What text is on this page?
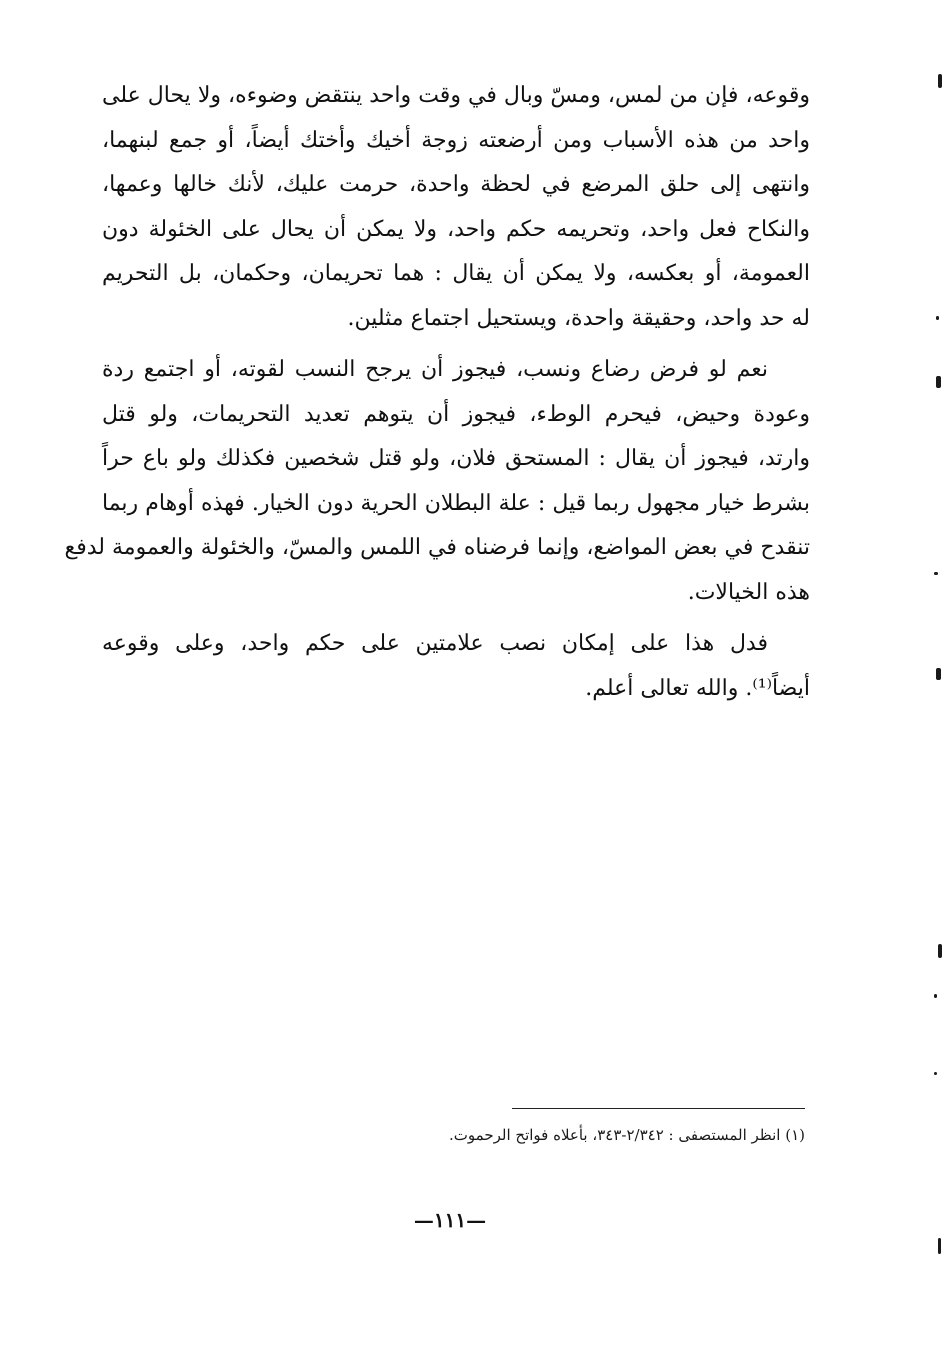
وقوعه، فإن من لمس، ومسّ وبال في وقت واحد ينتقض وضوءه، ولا يحال على
واحد من هذه الأسباب ومن أرضعته زوجة أخيك وأختك أيضاً، أو جمع لبنهما،
وانتهى إلى حلق المرضع في لحظة واحدة، حرمت عليك، لأنك خالها وعمها،
والنكاح فعل واحد، وتحريمه حكم واحد، ولا يمكن أن يحال على الخئولة دون
العمومة، أو بعكسه، ولا يمكن أن يقال : هما تحريمان، وحكمان، بل التحريم
له حد واحد، وحقيقة واحدة، ويستحيل اجتماع مثلين.

نعم لو فرض رضاع ونسب، فيجوز أن يرجح النسب لقوته، أو اجتمع ردة
وعودة وحيض، فيحرم الوطء، فيجوز أن يتوهم تعديد التحريمات، ولو قتل
وارتد، فيجوز أن يقال : المستحق فلان، ولو قتل شخصين فكذلك ولو باع حراً
بشرط خيار مجهول ربما قيل : علة البطلان الحرية دون الخيار. فهذه أوهام ربما
تنقدح في بعض المواضع، وإنما فرضناه في اللمس والمسّ، والخئولة والعمومة لدفع
هذه الخيالات.

فدل هذا على إمكان نصب علامتين على حكم واحد، وعلى وقوعه
أيضاً⁽¹⁾. والله تعالى أعلم.

(١) انظر المستصفى : ٢/٣٤٢-٣٤٣، بأعلاه فواتح الرحموت.
—١١١—
